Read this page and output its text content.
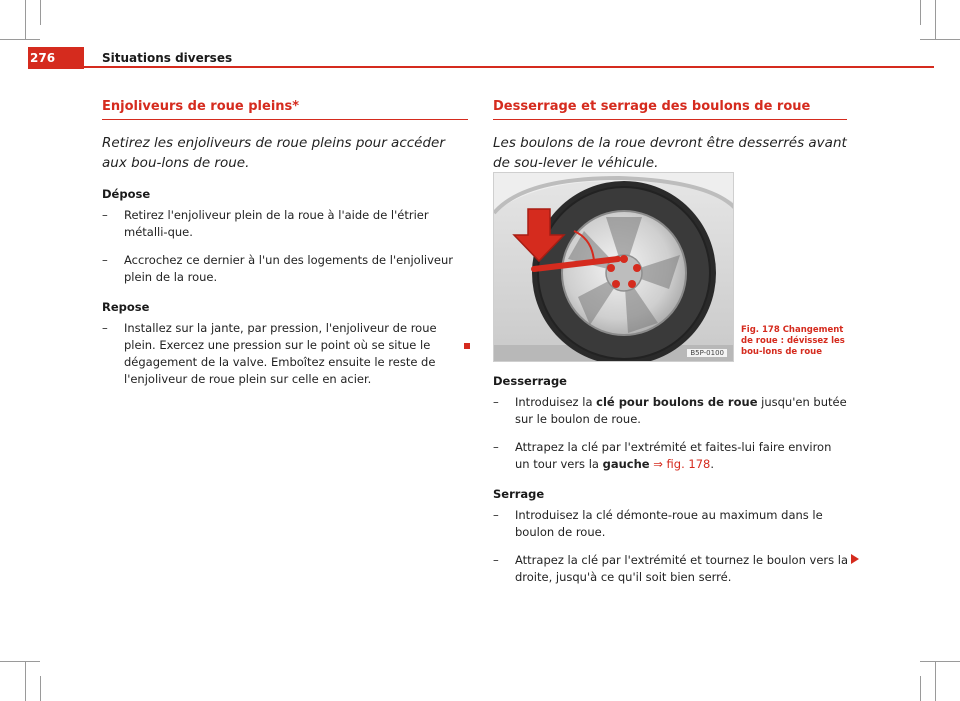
276	Situations diverses
Enjoliveurs de roue pleins*
Retirez les enjoliveurs de roue pleins pour accéder aux bou-lons de roue.
Dépose
– Retirez l'enjoliveur plein de la roue à l'aide de l'étrier métalli-que.
– Accrochez ce dernier à l'un des logements de l'enjoliveur plein de la roue.
Repose
– Installez sur la jante, par pression, l'enjoliveur de roue plein. Exercez une pression sur le point où se situe le dégagement de la valve. Emboîtez ensuite le reste de l'enjoliveur de roue plein sur celle en acier.
Desserrage et serrage des boulons de roue
Les boulons de la roue devront être desserrés avant de sou-lever le véhicule.
B5P-0100
Fig. 178 Changement de roue : dévissez les bou-lons de roue
Desserrage
– Introduisez la clé pour boulons de roue jusqu'en butée sur le boulon de roue.
– Attrapez la clé par l'extrémité et faites-lui faire environ un tour vers la gauche ⇒ fig. 178.
Serrage
– Introduisez la clé démonte-roue au maximum dans le boulon de roue.
– Attrapez la clé par l'extrémité et tournez le boulon vers la droite, jusqu'à ce qu'il soit bien serré.
